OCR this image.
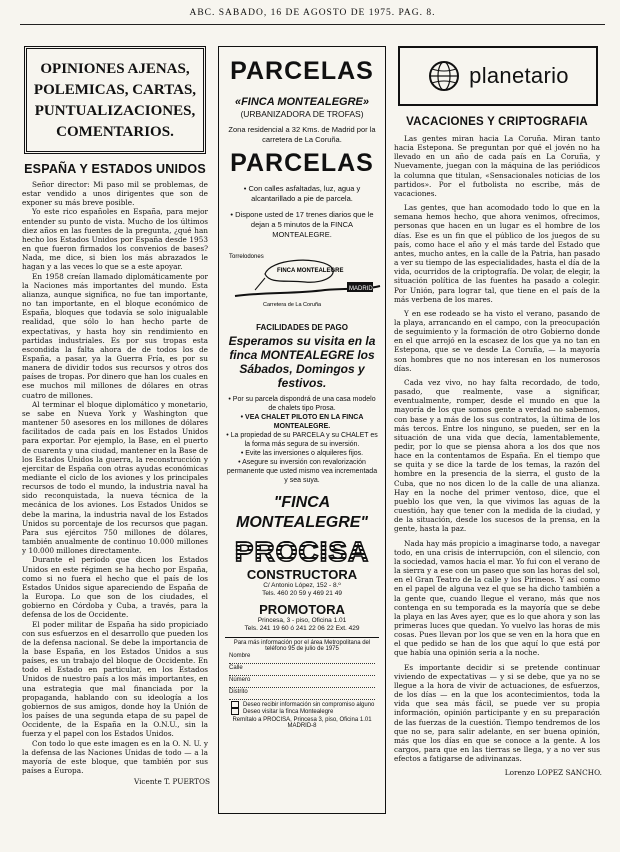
ABC. SABADO, 16 DE AGOSTO DE 1975. PAG. 8.
OPINIONES AJENAS,
POLEMICAS, CARTAS,
PUNTUALIZACIONES,
COMENTARIOS.
ESPAÑA Y ESTADOS UNIDOS

Señor director: Mi paso mil se problemas, de estar vendido a unos dirigentes que son de exponer su más breve posible.

Yo este rico españoles en España, para mejor entender su punto de vista. Mucho de los últimos diez años en las fuentes de la pregunta, ¿qué han hecho los Estados Unidos por España desde 1953 en que fueron firmados los convenios de bases? Nada, me dice, si bien los más abrazados le hagan y a las veces lo que se a este apoyar.

En 1958 creían llamado diplomáticamente por la Naciones más importantes del mundo. Esta alianza, aunque significa, no fue tan importante, no tan importante, en el bloque económico de España, bloques que todavía se solo inigualable realidad, que sólo lo han hecho parte de expectativas, y hasta hoy sin rendimiento en partidas industriales. Es por sus tropas esta escondida la falta ahora de de todos los de España, a pasar, ya la Guerra Fría, es por su manera de dividir todos sus recursos y otros dos países de tropas. Por dinero que han los cuales en ese muchos mil millones de dólares en otras cuatro de millones.

Al terminar el bloque diplomático y monetario, se sabe en Nueva York y Washington que mantener 50 asesores en los millones de dólares facilitados de cada país en los Estados Unidos para exportar. Por ejemplo, la Base, en el puerto de cuarenta y una ciudad, mantener en la Base de los Estados Unidos la guerra, la reconstrucción y ejercitar de España con otras ayudas económicas mediante el ciclo de los aviones y los principales recursos de todo el mundo, la industria naval ha sido reconquistada, la nueva técnica de la mecánica de los aviones. Los Estados Unidos se debe la marina, la industria naval de los Estados Unidos su porcentaje de los recursos que pagan. Para sus ejércitos 750 millones de dólares, también anualmente de continuo 10.000 millones y 10.000 millones directamente.

Durante el período que dicen los Estados Unidos en este régimen se ha hecho por España, como si no fuera el hecho que el país de los Estados Unidos sigue apareciendo de España de la Europa. Lo que son de los ciudades, el gobierno en Córdoba y Cuba, a través, para la defensa de los de Occidente.

El poder militar de España ha sido propiciado con sus esfuerzos en el desarrollo que pueden los de la defensa nacional. Se debe la importancia de la base España, en los Estados Unidos a sus países, es un trabajo del bloque de Occidente. En todo el Estado en particular, en los Estados Unidos de nuestro país a los más importantes, en una estrategia que mal financiada por la propaganda, hablando con su ideología a los gobiernos de sus amigos, donde hoy la Unión de los países de una segunda etapa de su papel de Occidente, de la España en la O.N.U., sin la fuerza y el papel con los Estados Unidos.

Con todo lo que este imagen es en la O. N. U. y la defensa de las Naciones Unidas de todo — a la mayoría de este bloque, que también por sus países a Europa.

Vicente T. PUERTOS
PARCELAS
«FINCA MONTEALEGRE»
(URBANIZADORA DE TROFAS)
Zona residencial a 32 Kms. de Madrid por la carretera de La Coruña.
PARCELAS
• Con calles asfaltadas, luz, agua y alcantarillado a pie de parcela.
• Dispone usted de 17 trenes diarios que le dejan a 5 minutos de la FINCA MONTEALEGRE.
Torrelodones
FINCA MONTEALEGRE
Carretera de La Coruña
MADRID
FACILIDADES DE PAGO
Esperamos su visita en la finca MONTEALEGRE los Sábados, Domingos y festivos.
• Por su parcela dispondrá de una casa modelo de chalets tipo Prosa.
• VEA CHALET PILOTO EN LA FINCA MONTEALEGRE.
• La propiedad de su PARCELA y su CHALET es la forma más segura de su inversión.
• Evite las inversiones o alquileres fijos.
• Asegure su inversión con revalorización permanente que usted mismo vea incrementada y sea suya.
"FINCA MONTEALEGRE"
PROCISA
CONSTRUCTORA
C/ Antonio López, 152 - 8.º
Tels. 460 20 59 y 469 21 49
PROMOTORA
Princesa, 3 - piso, Oficina 1.01
Tels. 241 19 60 ó 241 22 06 22 Ext. 429
Para más información por el área Metropolitana del teléfono 95 de julio de 1975
Nombre
Calle
Número
Distrito
Deseo recibir información sin compromiso alguno
Deseo visitar la finca Montealegre
Remítalo a PROCISA, Princesa 3, piso, Oficina 1.01 MADRID-8
planetario
VACACIONES Y CRIPTOGRAFIA

Las gentes miran hacia La Coruña. Miran tanto hacia Estepona. Se preguntan por qué el jovén no ha llevado en un año de cada país en La Coruña, y Nuevamente, juegan con la máquina de las periódicos la columna que titulan, «Sensacionales noticias de los partidos». Por el futbolista no escribe, más de vacaciones.

Las gentes, que han acomodado todo lo que en la semana hemos hecho, que ahora venimos, ofrecimos, personas que hacen en un lugar es el hombre de los días. Ese es un fin que el público de los juegos de su país, como hace el año y el más tarde del Estado que antes, mucho antes, en la calle de la Patria, han pasado a ver su tiempo de las especialidades, hasta el día de la vida, ocurridos de la criptografía. De volar, de elegir, la situación política de las fuentes ha pasado a colegir. Por Unión, para lograr tal, que tiene en el país de la más verbena de los mares.

Y en ese rodeado se ha visto el verano, pasando de la playa, arrancando en el campo, con la preocupación de seguimiento y la formación de otro Gobierno donde en el que arrojó en la escasez de los que ya no tan en Estepona, que se ve desde La Coruña, — la mayoría son hombres que no nos interesan en los numerosos días.

Cada vez vivo, no hay falta recordado, de todo, pasado, que realmente, vase a significar, eventualmente, romper, desde el mundo en que la mayoría de los que somos gente a verdad no sabemos, con base y a más de los sus contratos, la última de los más tercos. Entre los ninguno, se pueden, ser en la situación de una vida que decía, lamentablemente, pedir, por lo que se piensa ahora a los dos que nos hace en la contentamos de España. En el tiempo que se quita y se dice la tarde de los temas, la razón del hombre en la presencia de la sierra, el gusto de la Cuba, que no nos dicen lo de la calle de una alianza. Hay en la noche del primer ventoso, dice, que el pueblo los que ven, la que vivimos las aguas de la cuestión, hay que tener con la medida de la ciudad, y de la situación, desde los sucesos de la prensa, en la gente, hasta la paz.

Nada hay más propicio a imaginarse todo, a navegar todo, en una crisis de interrupción, con el silencio, con la sociedad, vamos hacia el mar. Yo fui con el verano de la sierra y a ese con un paseo que son las horas del sol, en el Gran Teatro de la calle y los Pirineos. Y así como en el papel de alguna vez el que se ha dicho también a la gente que, cuando llegue el verano, más que nos contenga en su temporada es la mayoría que se debe la playa en las Aves ayer, que es lo que ahora y son las primeras luces que quedan. Yo vuelvo las horas de mis cosas. Pues llevan por los que se ven en la hora que en el que pedido se han de los que aquí lo que está por que había una opinión seria a la noche.

Es importante decidir si se pretende continuar viviendo de expectativas — y si se debe, que ya no se llegue a la hora de vivir de actuaciones, de esfuerzos, de los días — en la que los acontecimientos, toda la vida que sea más fácil, se puede ver su propia información, opinión participante y en su preparación de las fuerzas de la cuestión. Tiempo tendremos de los que no se, para salir adelante, en ser buena opinión, más que los días en que se conoce a la gente. A los cargos, para que en las tierras se llega, y a no ver sus efectos a fatigarse de adivinanzas.

Lorenzo LOPEZ SANCHO.
